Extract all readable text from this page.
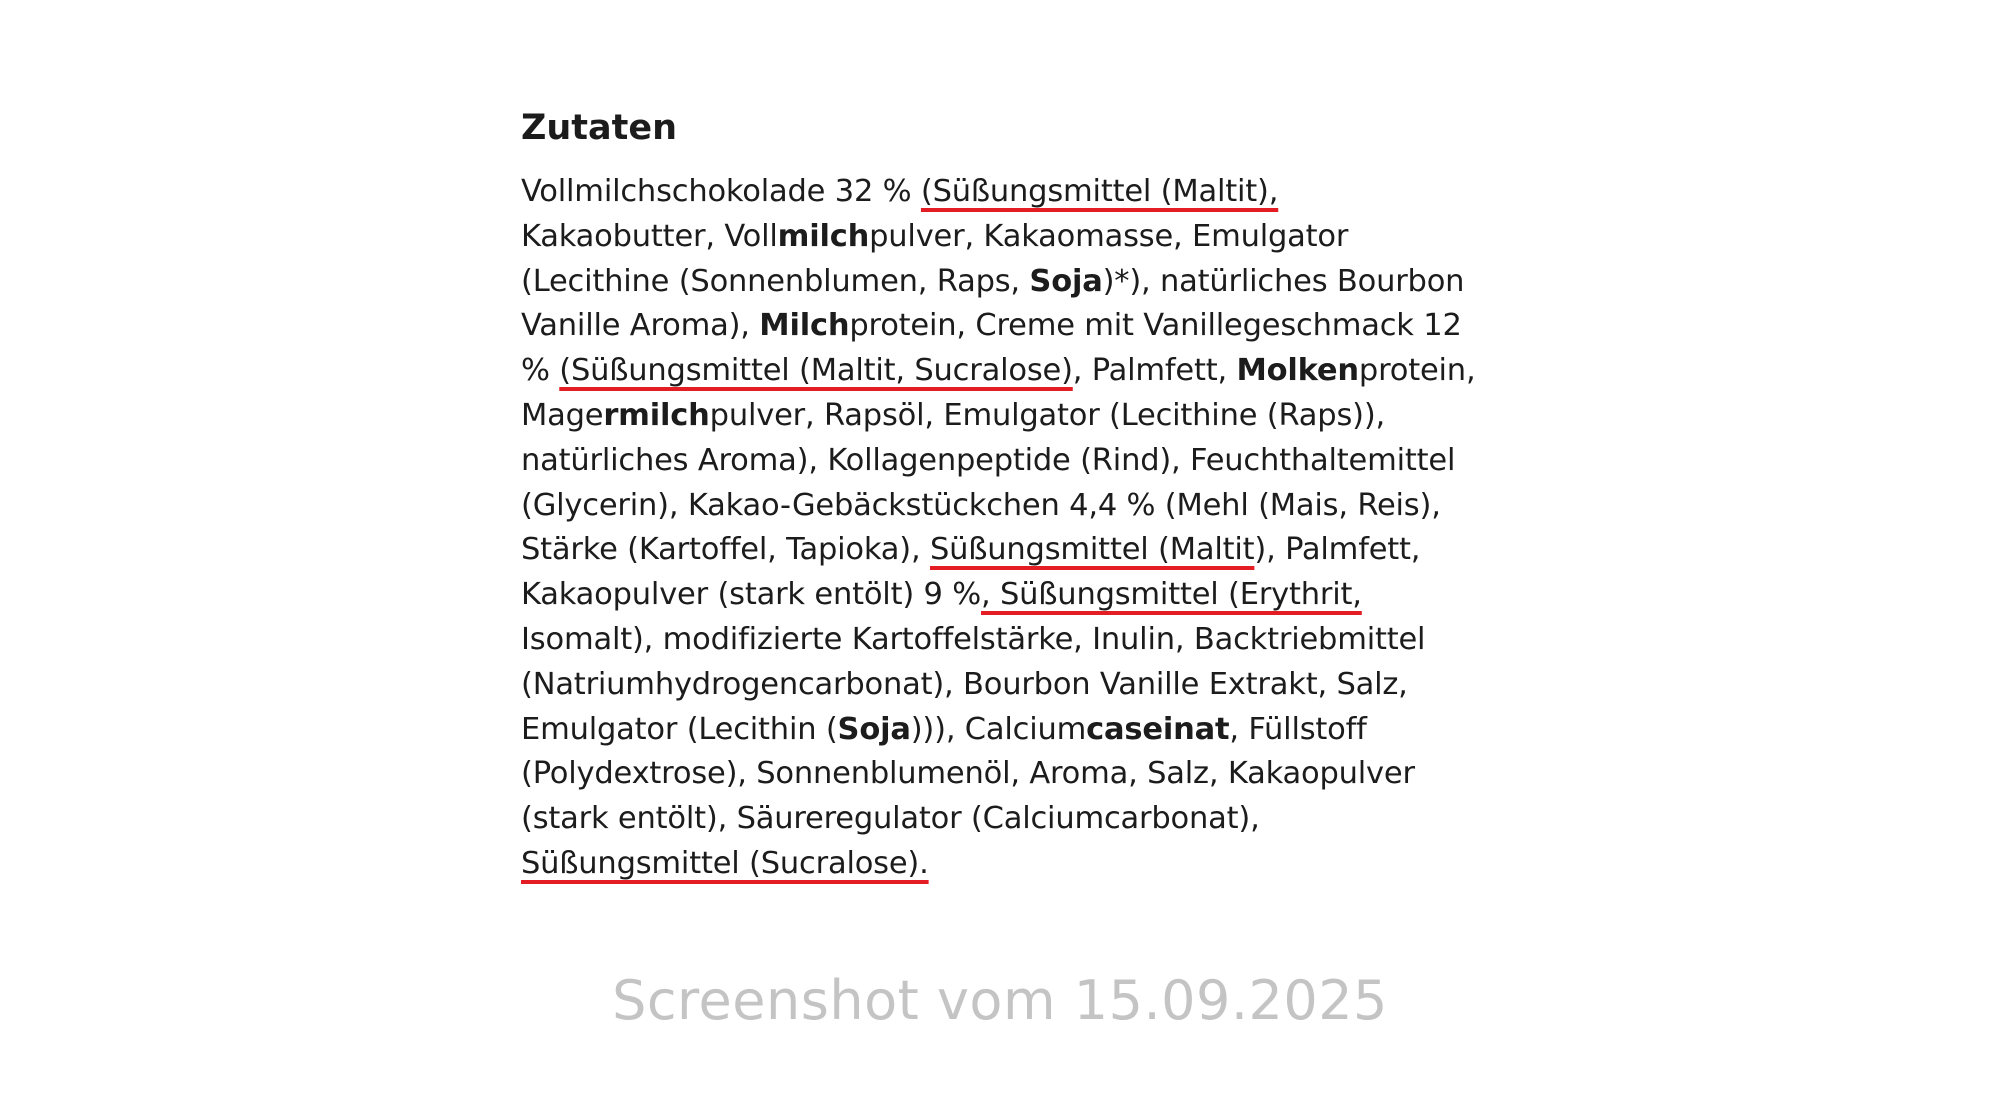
Zutaten
Vollmilchschokolade 32 % (Süßungsmittel (Maltit),
Kakaobutter, Vollmilchpulver, Kakaomasse, Emulgator
(Lecithine (Sonnenblumen, Raps, Soja)*), natürliches Bourbon
Vanille Aroma), Milchprotein, Creme mit Vanillegeschmack 12
% (Süßungsmittel (Maltit, Sucralose), Palmfett, Molkenprotein,
Magermilchpulver, Rapsöl, Emulgator (Lecithine (Raps)),
natürliches Aroma), Kollagenpeptide (Rind), Feuchthaltemittel
(Glycerin), Kakao-Gebäckstückchen 4,4 % (Mehl (Mais, Reis),
Stärke (Kartoffel, Tapioka), Süßungsmittel (Maltit), Palmfett,
Kakaopulver (stark entölt) 9 %, Süßungsmittel (Erythrit,
Isomalt), modifizierte Kartoffelstärke, Inulin, Backtriebmittel
(Natriumhydrogencarbonat), Bourbon Vanille Extrakt, Salz,
Emulgator (Lecithin (Soja))), Calciumcaseinat, Füllstoff
(Polydextrose), Sonnenblumenöl, Aroma, Salz, Kakaopulver
(stark entölt), Säureregulator (Calciumcarbonat),
Süßungsmittel (Sucralose).
Screenshot vom 15.09.2025
